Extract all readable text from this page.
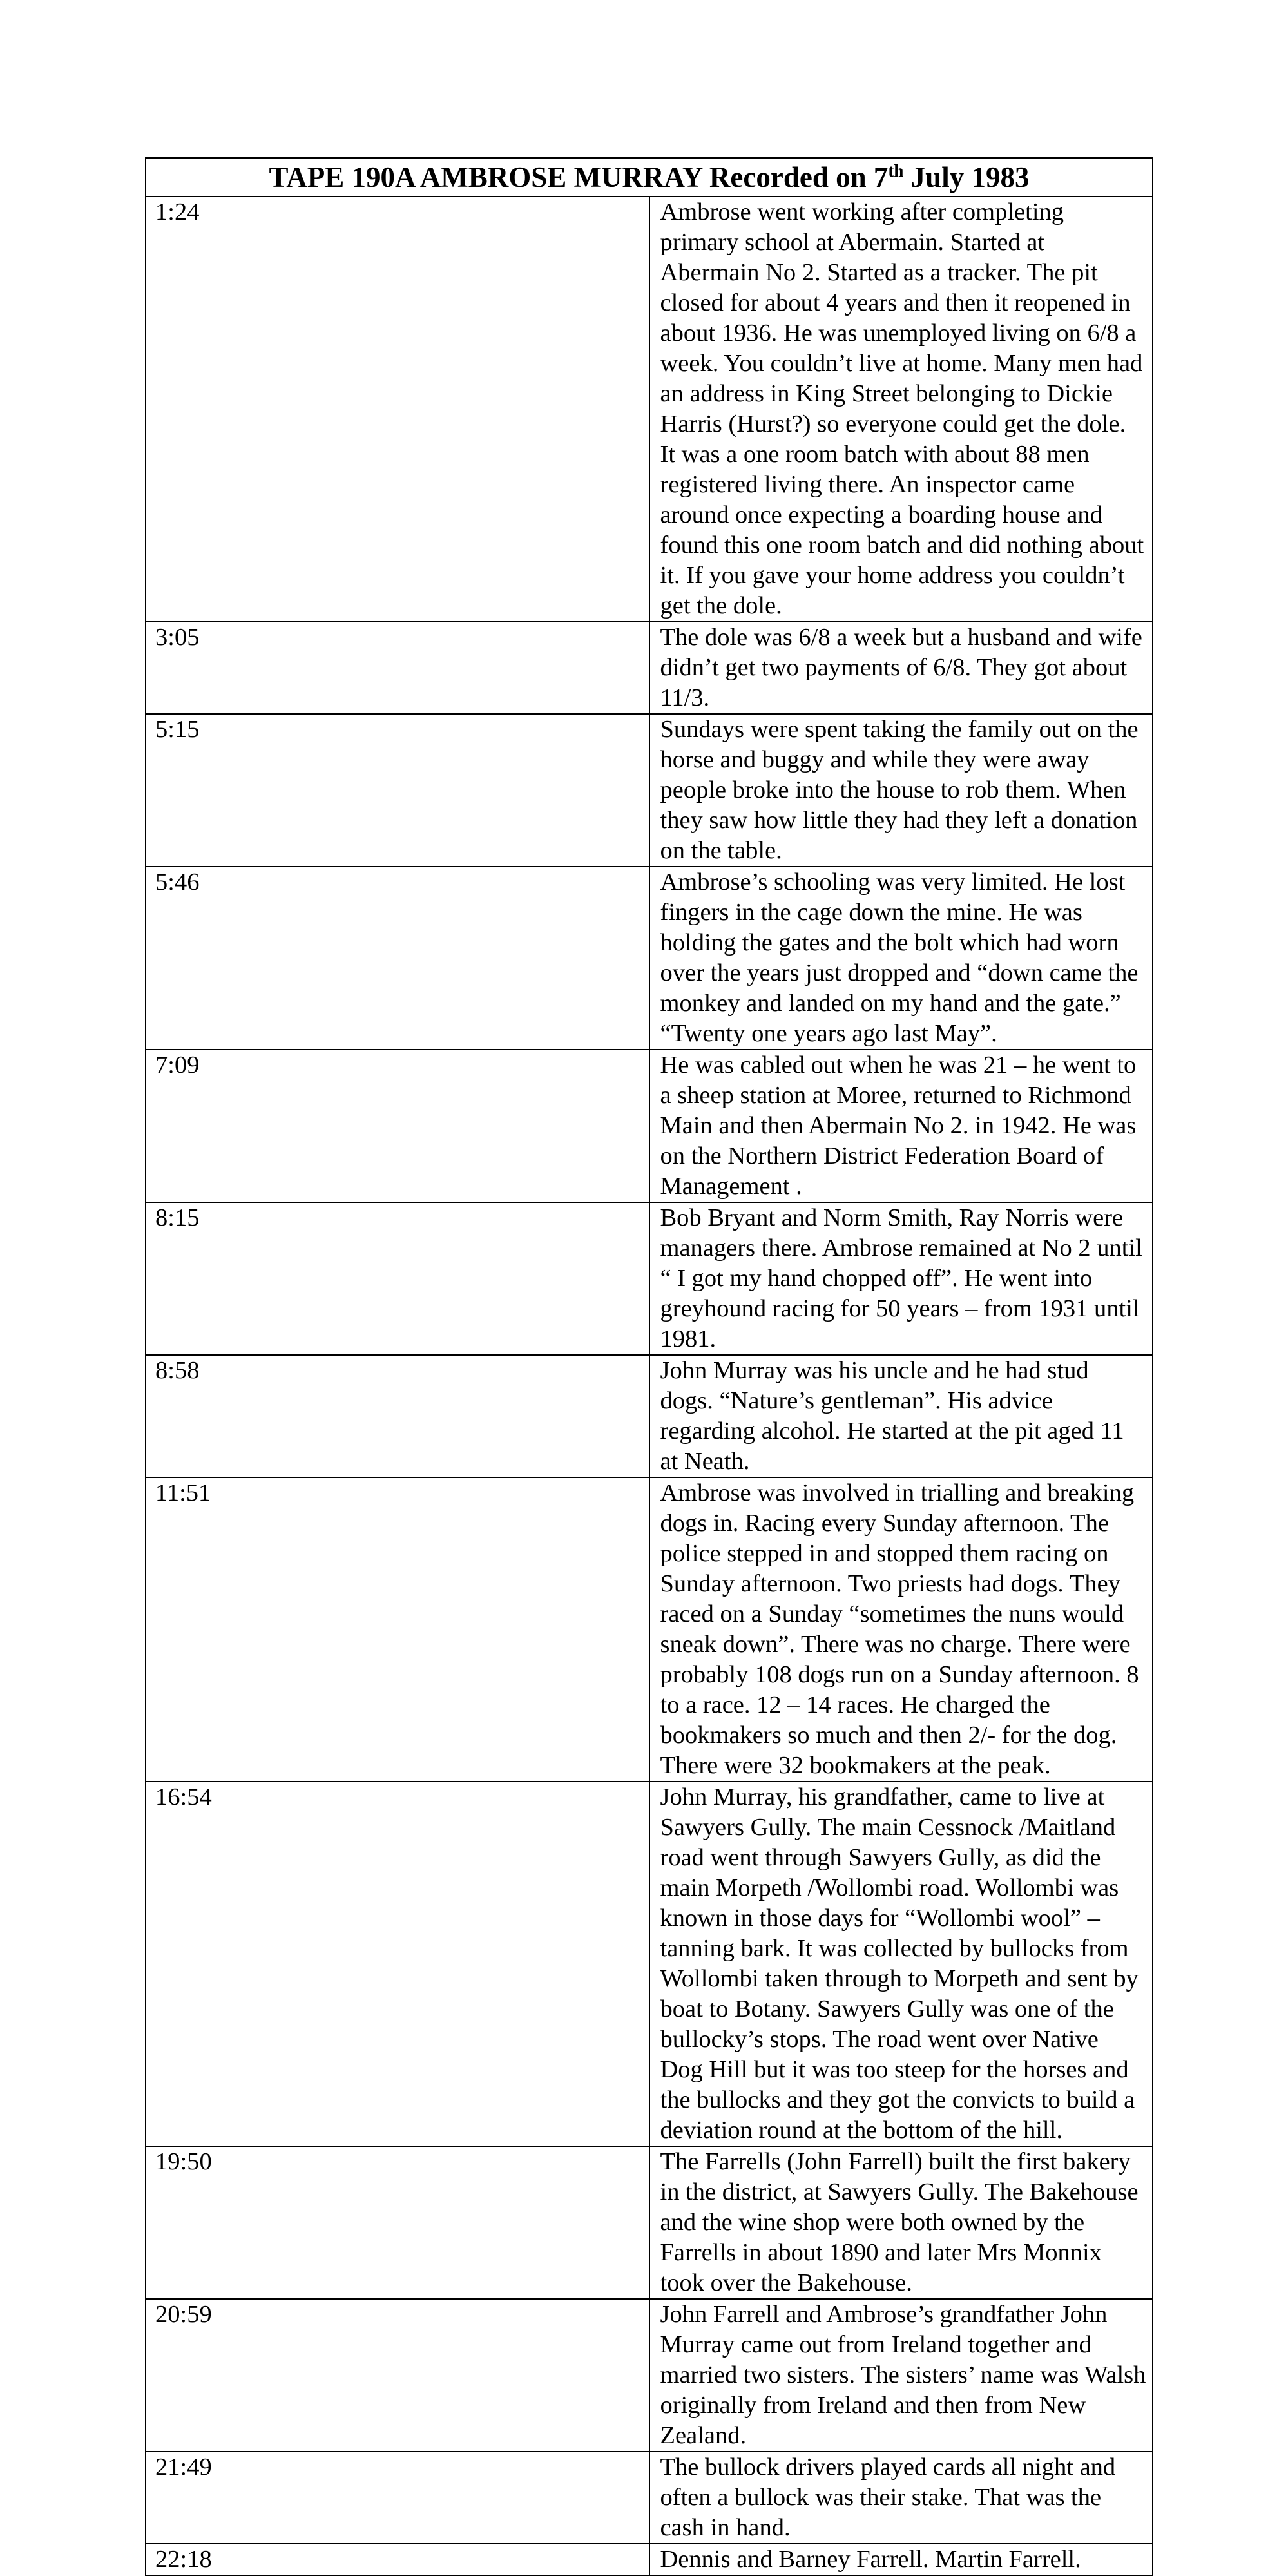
TAPE 190A AMBROSE MURRAY Recorded on 7th July 1983	
1:24	Ambrose went working after completing primary school at Abermain. Started at Abermain No 2. Started as a tracker. The pit closed for about 4 years and then it reopened in about 1936. He was unemployed living on 6/8 a week. You couldn’t live at home. Many men had an address in King Street belonging to Dickie Harris (Hurst?) so everyone could get the dole. It was a one room batch with about 88 men registered living there. An inspector came around once expecting a boarding house and found this one room batch and did nothing about it. If you gave your home address you couldn’t get the dole.
3:05	The dole was 6/8 a week but a husband and wife didn’t get two payments of 6/8. They got about 11/3.
5:15	Sundays were spent taking the family out on the horse and buggy and while they were away people broke into the house to rob them. When they saw how little they had they left a donation on the table.
5:46	Ambrose’s schooling was very limited. He lost fingers in the cage down the mine. He was holding the gates and the bolt which had worn over the years just dropped and “down came the monkey and landed on my hand and the gate.” “Twenty one years ago last May”.
7:09	He was cabled out when he was 21 – he went to a sheep station at Moree, returned to Richmond Main and then Abermain No 2. in 1942. He was on the Northern District Federation Board of Management .
8:15	Bob Bryant and Norm Smith, Ray Norris were managers there. Ambrose remained at No 2 until “ I got my hand chopped off”. He went into greyhound racing for 50 years – from 1931 until 1981.
8:58	John Murray was his uncle and he had stud dogs. “Nature’s gentleman”. His advice regarding alcohol. He started at the pit aged 11 at Neath.
11:51	Ambrose was involved in trialling and breaking dogs in. Racing every Sunday afternoon. The police stepped in and stopped them racing on Sunday afternoon. Two priests had dogs. They raced on a Sunday “sometimes the nuns would sneak down”. There was no charge. There were probably 108 dogs run on a Sunday afternoon. 8 to a race. 12 – 14 races. He charged the bookmakers so much and then 2/- for the dog. There were 32 bookmakers at the peak.
16:54	John Murray, his grandfather, came to live at Sawyers Gully. The main Cessnock /Maitland road went through Sawyers Gully, as did the main Morpeth /Wollombi road. Wollombi was known in those days for “Wollombi wool” – tanning bark. It was collected by bullocks from Wollombi taken through to Morpeth and sent by boat to Botany. Sawyers Gully was one of the bullocky’s stops. The road went over Native Dog Hill but it was too steep for the horses and the bullocks and they got the convicts to build a deviation round at the bottom of the hill.
19:50	The Farrells (John Farrell) built the first bakery in the district, at Sawyers Gully. The Bakehouse and the wine shop were both owned by the Farrells in about 1890 and later Mrs Monnix took over the Bakehouse.
20:59	John Farrell and Ambrose’s grandfather John Murray came out from Ireland together and married two sisters. The sisters’ name was Walsh originally from Ireland and then from New Zealand.
21:49	The bullock drivers played cards all night and often a bullock was their stake. That was the cash in hand.
22:18	Dennis and Barney Farrell. Martin Farrell.
